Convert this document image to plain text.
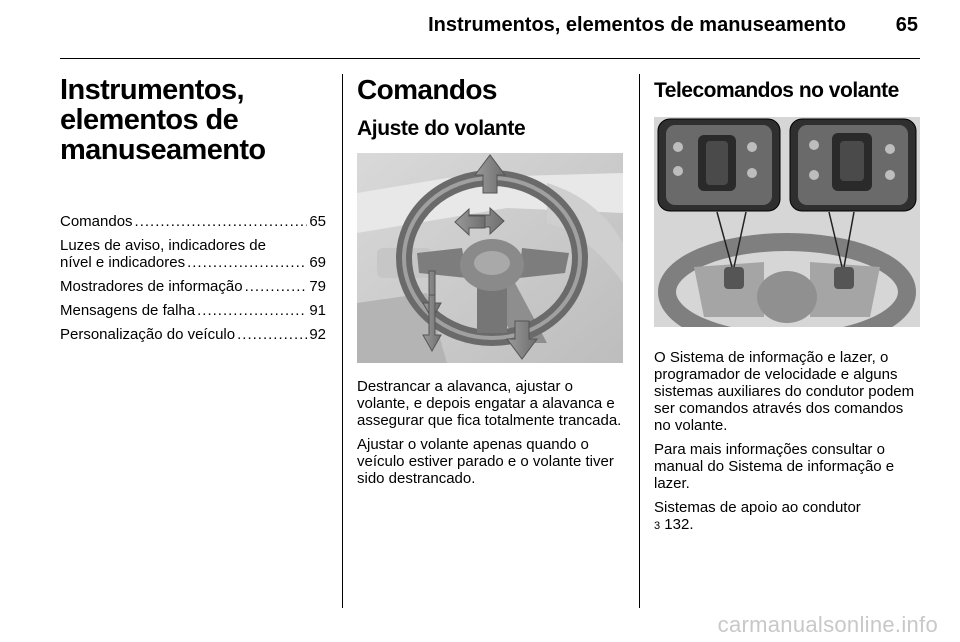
Instrumentos, elementos de manuseamento 65
Instrumentos,
elementos de
manuseamento
Comandos .....	65
Luzes de aviso, indicadores de
nível e indicadores .....	69
Mostradores de informação .....	79
Mensagens de falha .....	91
Personalização do veículo .....	92
Comandos
Ajuste do volante

Destrancar a alavanca, ajustar o volante, e depois engatar a alavanca e assegurar que fica totalmente trancada.

Ajustar o volante apenas quando o veículo estiver parado e o volante tiver sido destrancado.

Telecomandos no volante

O Sistema de informação e lazer, o programador de velocidade e alguns sistemas auxiliares do condutor podem ser comandos através dos comandos no volante.

Para mais informações consultar o manual do Sistema de informação e lazer.

Sistemas de apoio ao condutor
3 132.

carmanualsonline.info
